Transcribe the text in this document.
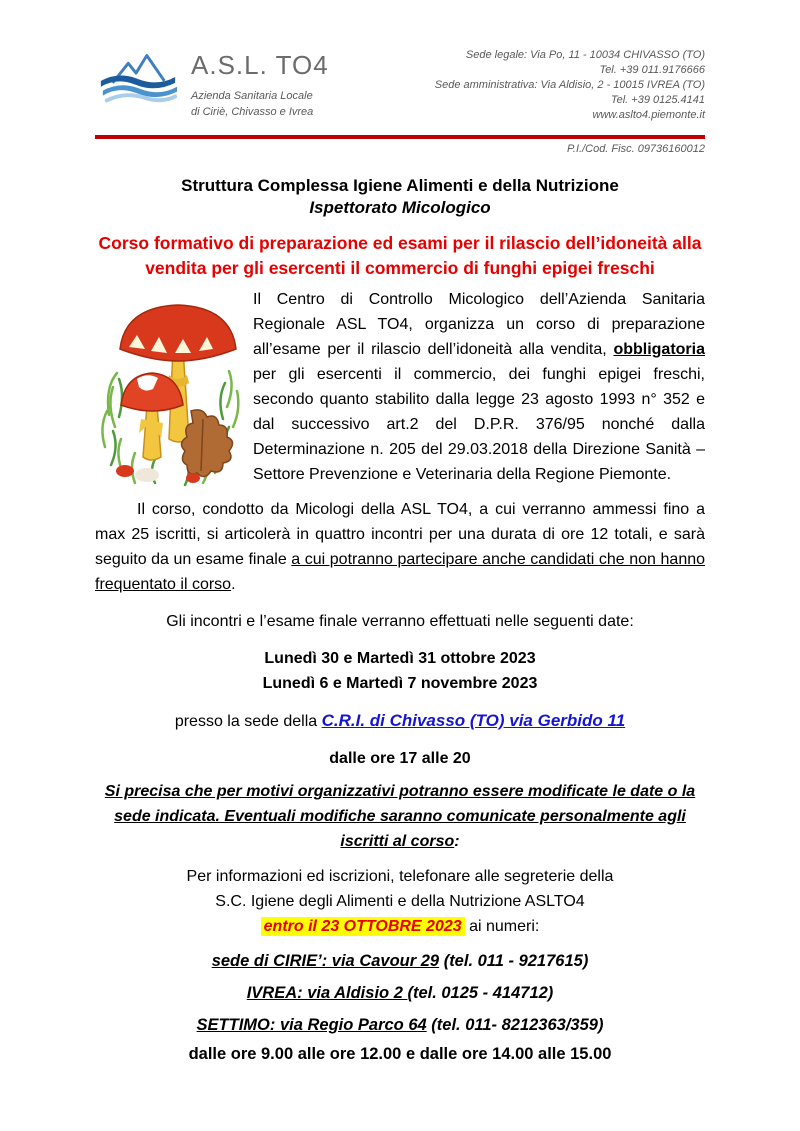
A.S.L. TO4
Azienda Sanitaria Locale
di Ciriè, Chivasso e Ivrea
Sede legale: Via Po, 11 - 10034 CHIVASSO (TO)
Tel. +39 011.9176666
Sede amministrativa: Via Aldisio, 2 - 10015 IVREA (TO)
Tel. +39 0125.4141
www.aslto4.piemonte.it
P.I./Cod. Fisc. 09736160012
Struttura Complessa Igiene Alimenti e della Nutrizione
Ispettorato Micologico
Corso formativo di preparazione ed esami per il rilascio dell’idoneità alla vendita per gli esercenti il commercio di funghi epigei freschi

Il Centro di Controllo Micologico dell’Azienda Sanitaria Regionale ASL TO4, organizza un corso di preparazione all’esame per il rilascio dell’idoneità alla vendita, obbligatoria per gli esercenti il commercio, dei funghi epigei freschi, secondo quanto stabilito dalla legge 23 agosto 1993 n° 352 e dal successivo art.2 del D.P.R. 376/95 nonché dalla Determinazione n. 205 del 29.03.2018 della Direzione Sanità – Settore Prevenzione e Veterinaria della Regione Piemonte.

Il corso, condotto da Micologi della ASL TO4, a cui verranno ammessi fino a max 25 iscritti, si articolerà in quattro incontri per una durata di ore 12 totali, e sarà seguito da un esame finale a cui potranno partecipare anche candidati che non hanno frequentato il corso.

Gli incontri e l’esame finale verranno effettuati nelle seguenti date:

Lunedì 30 e Martedì 31 ottobre 2023
Lunedì 6 e Martedì 7 novembre 2023

presso la sede della C.R.I. di Chivasso (TO) via Gerbido 11

dalle ore 17 alle 20

Si precisa che per motivi organizzativi potranno essere modificate le date o la sede indicata. Eventuali modifiche saranno comunicate personalmente agli iscritti al corso:

Per informazioni ed iscrizioni, telefonare alle segreterie della
S.C. Igiene degli Alimenti e della Nutrizione ASLTO4
entro il 23 OTTOBRE 2023 ai numeri:

sede di CIRIE’: via Cavour 29 (tel. 011 - 9217615)

IVREA: via Aldisio 2 (tel. 0125 - 414712)

SETTIMO: via Regio Parco 64 (tel. 011- 8212363/359)

dalle ore 9.00 alle ore 12.00 e dalle ore 14.00 alle 15.00
